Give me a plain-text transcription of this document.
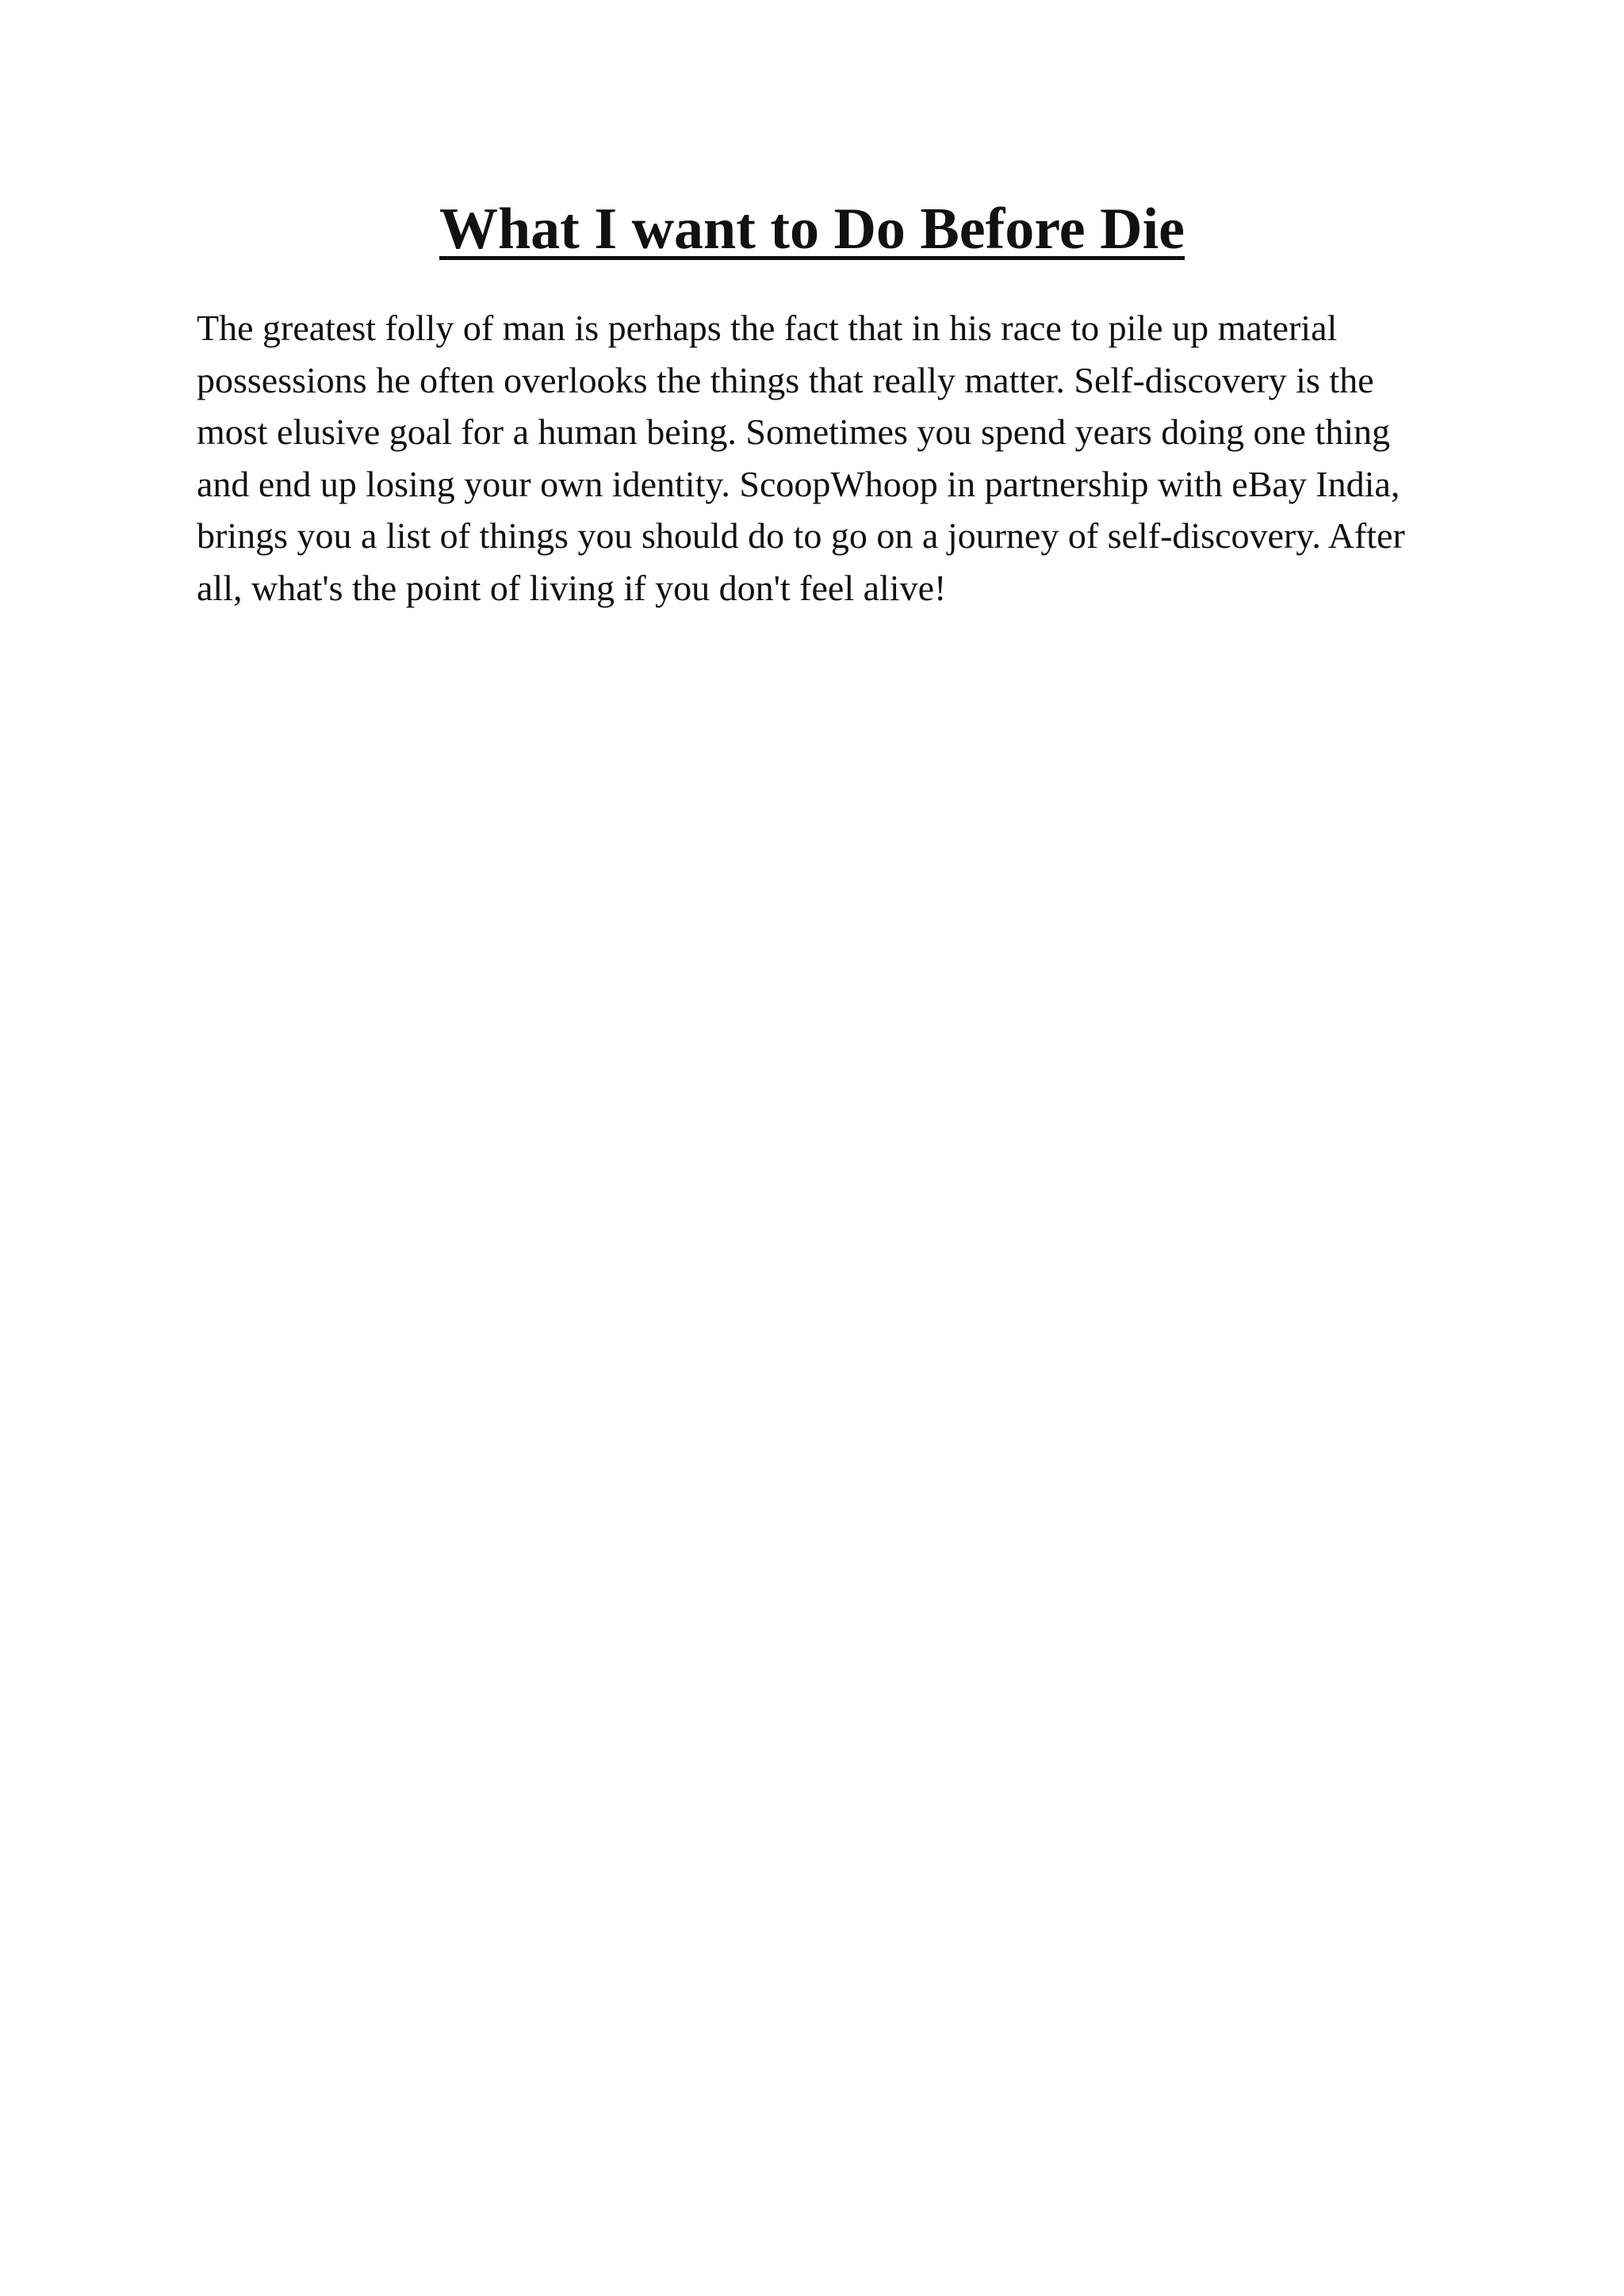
What I want to Do Before Die

The greatest folly of man is perhaps the fact that in his race to pile up material
possessions he often overlooks the things that really matter. Self-discovery is the
most elusive goal for a human being. Sometimes you spend years doing one thing
and end up losing your own identity. ScoopWhoop in partnership with eBay India,
brings you a list of things you should do to go on a journey of self-discovery. After
all, what's the point of living if you don't feel alive!
